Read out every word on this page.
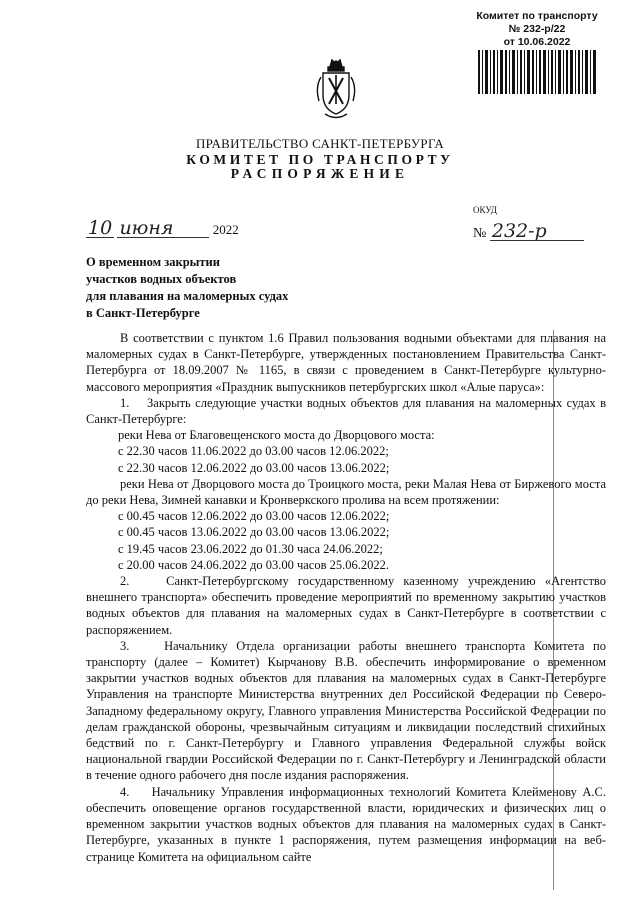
Комитет по транспорту
№ 232-р/22
от 10.06.2022
ПРАВИТЕЛЬСТВО САНКТ-ПЕТЕРБУРГА
КОМИТЕТ ПО ТРАНСПОРТУ
РАСПОРЯЖЕНИЕ
ОКУД
10 июня	2022	№ 232-р
О временном закрытии
участков водных объектов
для плавания на маломерных судах
в Санкт-Петербурге

В соответствии с пунктом 1.6 Правил пользования водными объектами для плавания на маломерных судах в Санкт-Петербурге, утвержденных постановлением Правительства Санкт-Петербурга от 18.09.2007 № 1165, в связи с проведением в Санкт-Петербурге культурно-массового мероприятия «Праздник выпускников петербургских школ «Алые паруса»:

1.    Закрыть следующие участки водных объектов для плавания на маломерных судах в Санкт-Петербурге:

реки Нева от Благовещенского моста до Дворцового моста:

с 22.30 часов 11.06.2022 до 03.00 часов 12.06.2022;

с 22.30 часов 12.06.2022 до 03.00 часов 13.06.2022;

реки Нева от Дворцового моста до Троицкого моста, реки Малая Нева от Биржевого моста до реки Нева, Зимней канавки и Кронверкского пролива на всем протяжении:

с 00.45 часов 12.06.2022 до 03.00 часов 12.06.2022;

с 00.45 часов 13.06.2022 до 03.00 часов 13.06.2022;

с 19.45 часов 23.06.2022 до 01.30 часа 24.06.2022;

с 20.00 часов 24.06.2022 до 03.00 часов 25.06.2022.

2.    Санкт-Петербургскому государственному казенному учреждению «Агентство внешнего транспорта» обеспечить проведение мероприятий по временному закрытию участков водных объектов для плавания на маломерных судах в Санкт-Петербурге в соответствии с распоряжением.

3.    Начальнику Отдела организации работы внешнего транспорта Комитета по транспорту (далее – Комитет) Кырчанову В.В. обеспечить информирование о временном закрытии участков водных объектов для плавания на маломерных судах в Санкт-Петербурге Управления на транспорте Министерства внутренних дел Российской Федерации по Северо-Западному федеральному округу, Главного управления Министерства Российской Федерации по делам гражданской обороны, чрезвычайным ситуациям и ликвидации последствий стихийных бедствий по г. Санкт-Петербургу и Главного управления Федеральной службы войск национальной гвардии Российской Федерации по г. Санкт-Петербургу и Ленинградской области в течение одного рабочего дня после издания распоряжения.

4.    Начальнику Управления информационных технологий Комитета Клейменову А.С. обеспечить оповещение органов государственной власти, юридических и физических лиц о временном закрытии участков водных объектов для плавания на маломерных судах в Санкт-Петербурге, указанных в пункте 1 распоряжения, путем размещения информации на веб-странице Комитета на официальном сайте
